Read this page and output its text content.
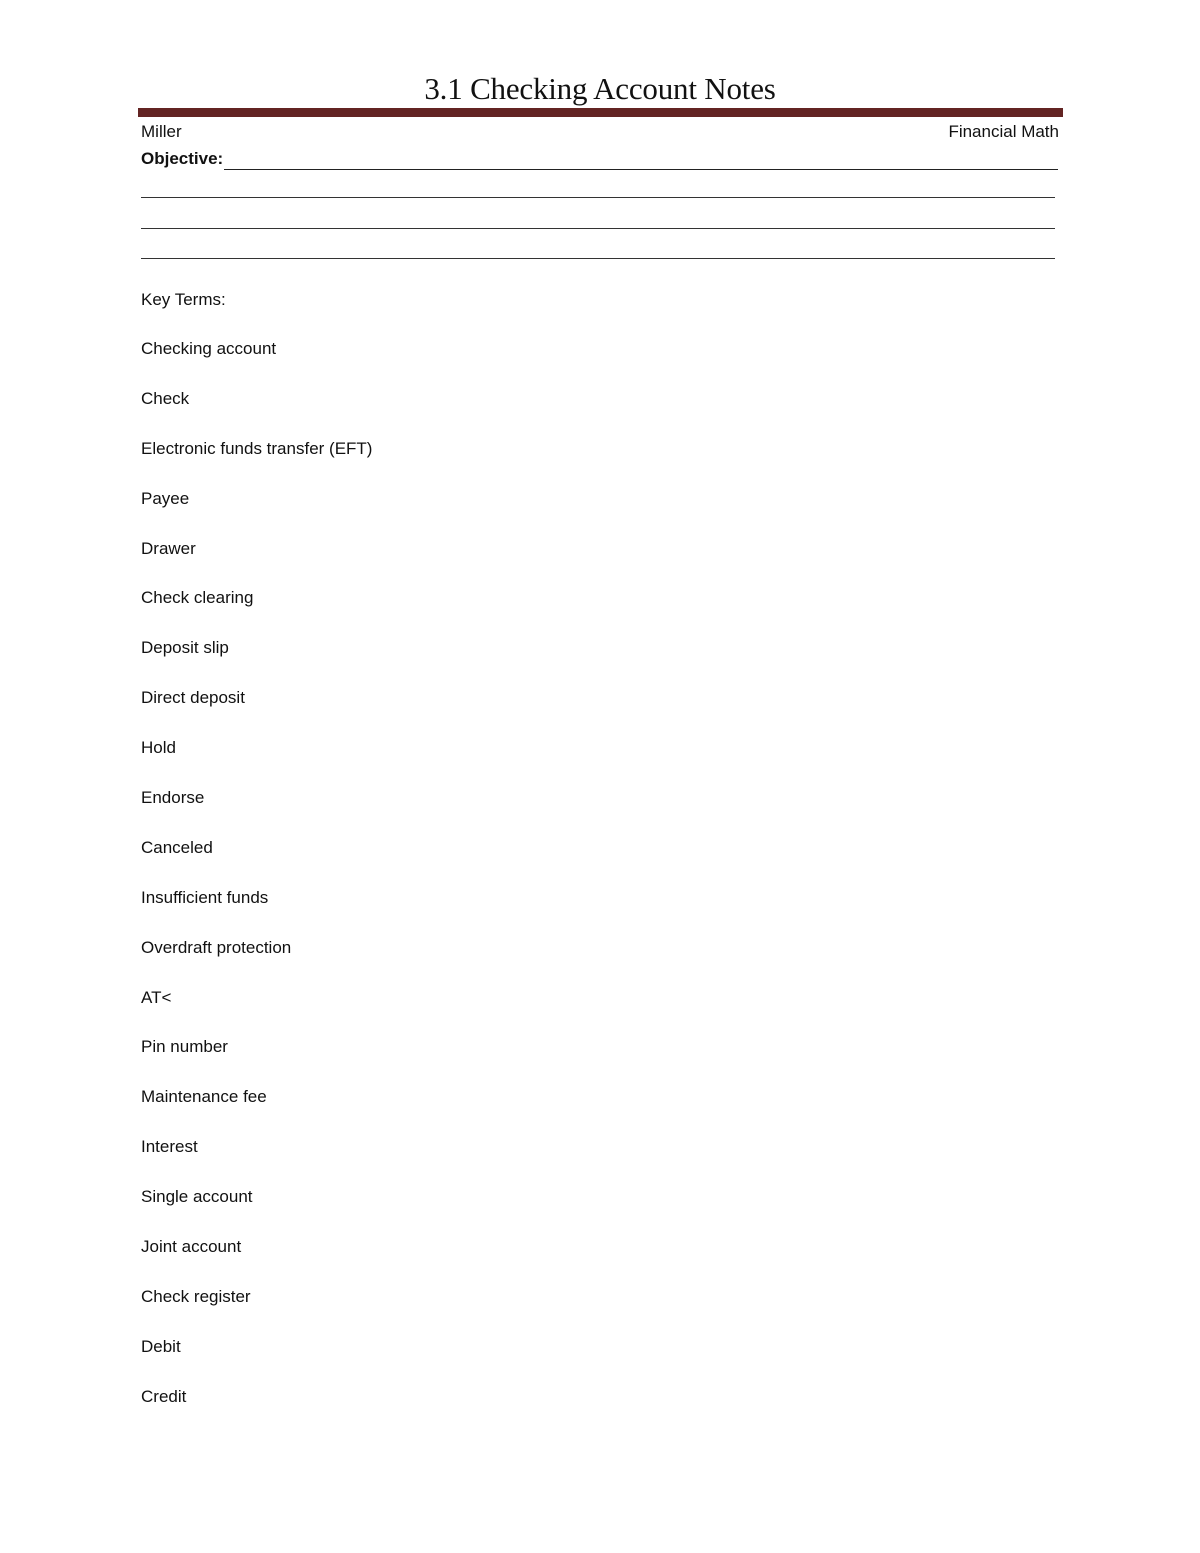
3.1 Checking Account Notes
Miller	Financial Math
Objective:
Key Terms:
Checking account
Check
Electronic funds transfer (EFT)
Payee
Drawer
Check clearing
Deposit slip
Direct deposit
Hold
Endorse
Canceled
Insufficient funds
Overdraft protection
AT<
Pin number
Maintenance fee
Interest
Single account
Joint account
Check register
Debit
Credit
